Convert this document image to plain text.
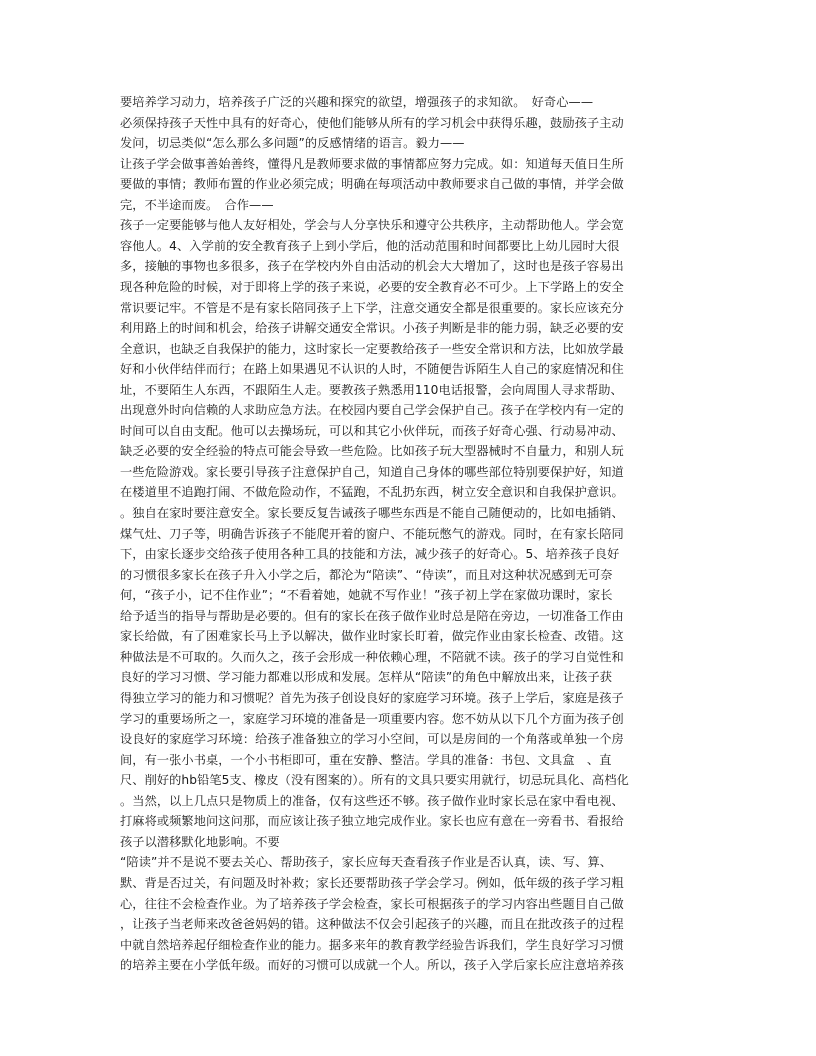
要培养学习动力，培养孩子广泛的兴趣和探究的欲望，增强孩子的求知欲。　好奇心——
必须保持孩子天性中具有的好奇心，使他们能够从所有的学习机会中获得乐趣，鼓励孩子主动
发问，切忌类似“怎么那么多问题”的反感情绪的语言。毅力——
让孩子学会做事善始善终，懂得凡是教师要求做的事情都应努力完成。如：知道每天值日生所
要做的事情；教师布置的作业必须完成；明确在每项活动中教师要求自己做的事情，并学会做
完，不半途而废。　合作——
孩子一定要能够与他人友好相处，学会与人分享快乐和遵守公共秩序，主动帮助他人。学会宽
容他人。4、入学前的安全教育孩子上到小学后，他的活动范围和时间都要比上幼儿园时大很
多，接触的事物也多很多，孩子在学校内外自由活动的机会大大增加了，这时也是孩子容易出
现各种危险的时候，对于即将上学的孩子来说，必要的安全教育必不可少。上下学路上的安全
常识要记牢。不管是不是有家长陪同孩子上下学，注意交通安全都是很重要的。家长应该充分
利用路上的时间和机会，给孩子讲解交通安全常识。小孩子判断是非的能力弱，缺乏必要的安
全意识，也缺乏自我保护的能力，这时家长一定要教给孩子一些安全常识和方法，比如放学最
好和小伙伴结伴而行；在路上如果遇见不认识的人时，不随便告诉陌生人自己的家庭情况和住
址，不要陌生人东西，不跟陌生人走。要教孩子熟悉用110电话报警，会向周围人寻求帮助、
出现意外时向信赖的人求助应急方法。在校园内要自己学会保护自己。孩子在学校内有一定的
时间可以自由支配。他可以去操场玩，可以和其它小伙伴玩，而孩子好奇心强、行动易冲动、
缺乏必要的安全经验的特点可能会导致一些危险。比如孩子玩大型器械时不自量力，和别人玩
一些危险游戏。家长要引导孩子注意保护自己，知道自己身体的哪些部位特别要保护好，知道
在楼道里不追跑打闹、不做危险动作，不猛跑，不乱扔东西，树立安全意识和自我保护意识。
。独自在家时要注意安全。家长要反复告诫孩子哪些东西是不能自己随便动的，比如电插销、
煤气灶、刀子等，明确告诉孩子不能爬开着的窗户、不能玩憋气的游戏。同时，在有家长陪同
下，由家长逐步交给孩子使用各种工具的技能和方法，减少孩子的好奇心。5、培养孩子良好
的习惯很多家长在孩子升入小学之后，都沦为“陪读”、“侍读”，而且对这种状况感到无可奈
何，“孩子小，记不住作业”；“不看着她，她就不写作业！”孩子初上学在家做功课时，家长
给予适当的指导与帮助是必要的。但有的家长在孩子做作业时总是陪在旁边，一切准备工作由
家长给做，有了困难家长马上予以解决，做作业时家长盯着，做完作业由家长检查、改错。这
种做法是不可取的。久而久之，孩子会形成一种依赖心理，不陪就不读。孩子的学习自觉性和
良好的学习习惯、学习能力都难以形成和发展。怎样从“陪读”的角色中解放出来，让孩子获
得独立学习的能力和习惯呢？首先为孩子创设良好的家庭学习环境。孩子上学后，家庭是孩子
学习的重要场所之一，家庭学习环境的准备是一项重要内容。您不妨从以下几个方面为孩子创
设良好的家庭学习环境：给孩子准备独立的学习小空间，可以是房间的一个角落或单独一个房
间，有一张小书桌，一个小书柜即可，重在安静、整洁。学具的准备：书包、文具盒　、直
尺、削好的hb铅笔5支、橡皮（没有图案的）。所有的文具只要实用就行，切忌玩具化、高档化
。当然，以上几点只是物质上的准备，仅有这些还不够。孩子做作业时家长忌在家中看电视、
打麻将或频繁地问这问那，而应该让孩子独立地完成作业。家长也应有意在一旁看书、看报给
孩子以潜移默化地影响。不要
“陪读”并不是说不要去关心、帮助孩子，家长应每天查看孩子作业是否认真，读、写、算、
默、背是否过关，有问题及时补救；家长还要帮助孩子学会学习。例如，低年级的孩子学习粗
心，往往不会检查作业。为了培养孩子学会检查，家长可根据孩子的学习内容出些题目自己做
，让孩子当老师来改爸爸妈妈的错。这种做法不仅会引起孩子的兴趣，而且在批改孩子的过程
中就自然培养起仔细检查作业的能力。据多来年的教育教学经验告诉我们，学生良好学习习惯
的培养主要在小学低年级。而好的习惯可以成就一个人。所以，孩子入学后家长应注意培养孩
